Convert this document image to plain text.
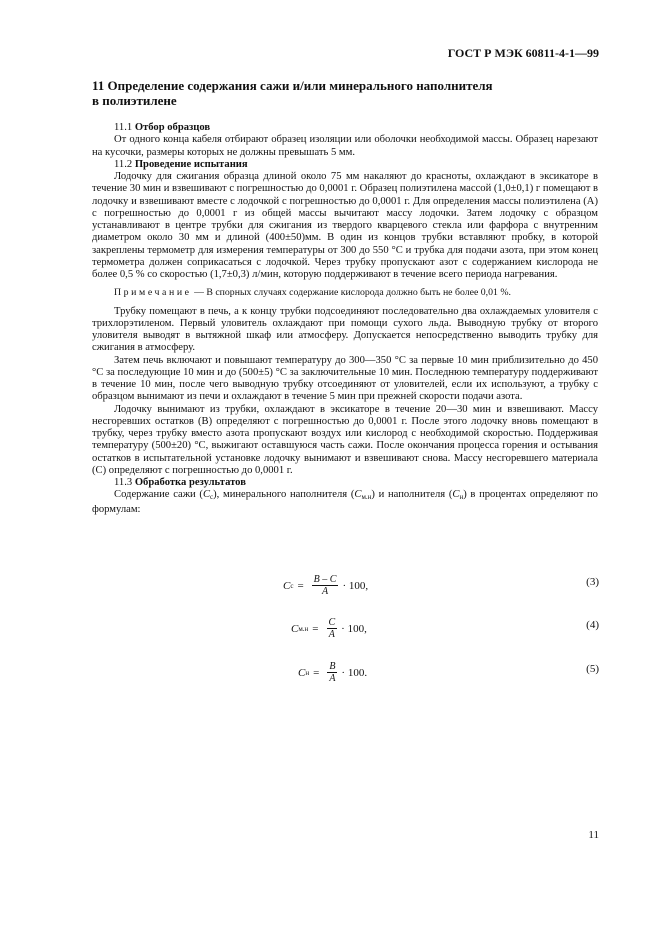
ГОСТ Р МЭК 60811-4-1—99
11 Определение содержания сажи и/или минерального наполнителя
в полиэтилене

11.1 Отбор образцов

От одного конца кабеля отбирают образец изоляции или оболочки необходимой массы. Образец нарезают на кусочки, размеры которых не должны превышать 5 мм.

11.2 Проведение испытания

Лодочку для сжигания образца длиной около 75 мм накаляют до красноты, охлаждают в эксикаторе в течение 30 мин и взвешивают с погрешностью до 0,0001 г. Образец полиэтилена массой (1,0±0,1) г помещают в лодочку и взвешивают вместе с лодочкой с погрешностью до 0,0001 г. Для определения массы полиэтилена (А) с погрешностью до 0,0001 г из общей массы вычитают массу лодочки. Затем лодочку с образцом устанавливают в центре трубки для сжигания из твердого кварцевого стекла или фарфора с внутренним диаметром около 30 мм и длиной (400±50)мм. В один из концов трубки вставляют пробку, в которой закреплены термометр для измерения температуры от 300 до 550 °С и трубка для подачи азота, при этом конец термометра должен соприкасаться с лодочкой. Через трубку пропускают азот с содержанием кислорода не более 0,5 % со скоростью (1,7±0,3) л/мин, которую поддерживают в течение всего периода нагревания.

Примечание — В спорных случаях содержание кислорода должно быть не более 0,01 %.

Трубку помещают в печь, а к концу трубки подсоединяют последовательно два охлаждаемых уловителя с трихлорэтиленом. Первый уловитель охлаждают при помощи сухого льда. Выводную трубку от второго уловителя выводят в вытяжной шкаф или атмосферу. Допускается непосредственно выводить трубку для сжигания в атмосферу.

Затем печь включают и повышают температуру до 300—350 °С за первые 10 мин приблизительно до 450 °С за последующие 10 мин и до (500±5) °С за заключительные 10 мин. Последнюю температуру поддерживают в течение 10 мин, после чего выводную трубку отсоединяют от уловителей, если их используют, а трубку с образцом вынимают из печи и охлаждают в течение 5 мин при прежней скорости подачи азота.

Лодочку вынимают из трубки, охлаждают в эксикаторе в течение 20—30 мин и взвешивают. Массу несгоревших остатков (В) определяют с погрешностью до 0,0001 г. После этого лодочку вновь помещают в трубку, через трубку вместо азота пропускают воздух или кислород с необходимой скоростью. Поддерживая температуру (500±20) °С, выжигают оставшуюся часть сажи. После окончания процесса горения и остывания остатков в испытательной установке лодочку вынимают и взвешивают снова. Массу несгоревшего материала (С) определяют с погрешностью до 0,0001 г.

11.3 Обработка результатов

Содержание сажи $(С_с)$, минерального наполнителя $(С_{м.н})$ и наполнителя $(С_н)$ в процентах определяют по формулам:

С $с = \frac{В - С}{А} \cdot 100$,	(3)
С $м.н = \frac{С}{А} \cdot 100$,	(4)
С $н = \frac{В}{А} \cdot 100$.	(5)
11
